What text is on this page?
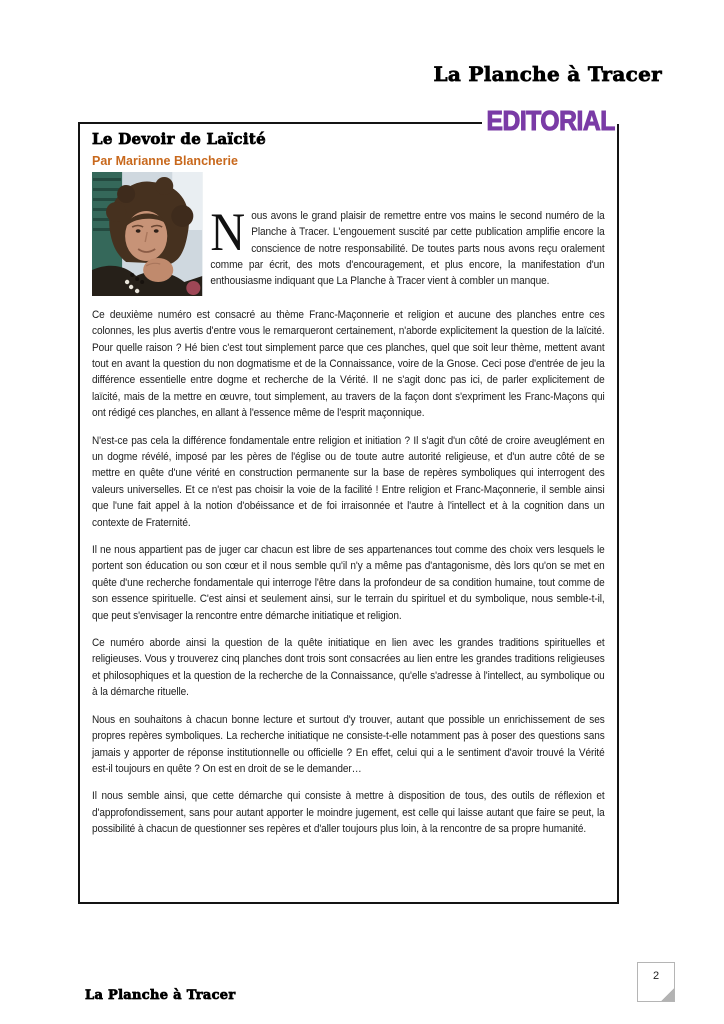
La Planche à Tracer
EDITORIAL
Le Devoir de Laïcité
Par Marianne Blancherie

Nous avons le grand plaisir de remettre entre vos mains le second numéro de la Planche à Tracer. L'engouement suscité par cette publication amplifie encore la conscience de notre responsabilité. De toutes parts nous avons reçu oralement comme par écrit, des mots d'encouragement, et plus encore, la manifestation d'un enthousiasme indiquant que La Planche à Tracer vient à combler un manque.

Ce deuxième numéro est consacré au thème Franc-Maçonnerie et religion et aucune des planches entre ces colonnes, les plus avertis d'entre vous le remarqueront certainement, n'aborde explicitement la question de la laïcité. Pour quelle raison ? Hé bien c'est tout simplement parce que ces planches, quel que soit leur thème, mettent avant tout en avant la question du non dogmatisme et de la Connaissance, voire de la Gnose. Ceci pose d'entrée de jeu la différence essentielle entre dogme et recherche de la Vérité. Il ne s'agit donc pas ici, de parler explicitement de laïcité, mais de la mettre en œuvre, tout simplement, au travers de la façon dont s'expriment les Franc-Maçons qui ont rédigé ces planches, en allant à l'essence même de l'esprit maçonnique.

N'est-ce pas cela la différence fondamentale entre religion et initiation ? Il s'agit d'un côté de croire aveuglément en un dogme révélé, imposé par les pères de l'église ou de toute autre autorité religieuse, et d'un autre côté de se mettre en quête d'une vérité en construction permanente sur la base de repères symboliques qui interrogent des valeurs universelles. Et ce n'est pas choisir la voie de la facilité ! Entre religion et Franc-Maçonnerie, il semble ainsi que l'une fait appel à la notion d'obéissance et de foi irraisonnée et l'autre à l'intellect et à la cognition dans un contexte de Fraternité.

Il ne nous appartient pas de juger car chacun est libre de ses appartenances tout comme des choix vers lesquels le portent son éducation ou son cœur et il nous semble qu'il n'y a même pas d'antagonisme, dès lors qu'on se met en quête d'une recherche fondamentale qui interroge l'être dans la profondeur de sa condition humaine, tout comme de son essence spirituelle. C'est ainsi et seulement ainsi, sur le terrain du spirituel et du symbolique, nous semble-t-il, que peut s'envisager la rencontre entre démarche initiatique et religion.

Ce numéro aborde ainsi la question de la quête initiatique en lien avec les grandes traditions spirituelles et religieuses. Vous y trouverez cinq planches dont trois sont consacrées au lien entre les grandes traditions religieuses et philosophiques et la question de la recherche de la Connaissance, qu'elle s'adresse à l'intellect, au symbolique ou à la démarche rituelle.

Nous en souhaitons à chacun bonne lecture et surtout d'y trouver, autant que possible un enrichissement de ses propres repères symboliques. La recherche initiatique ne consiste-t-elle notamment pas à poser des questions sans jamais y apporter de réponse institutionnelle ou officielle ? En effet, celui qui a le sentiment d'avoir trouvé la Vérité est-il toujours en quête ? On est en droit de se le demander…

Il nous semble ainsi, que cette démarche qui consiste à mettre à disposition de tous, des outils de réflexion et d'approfondissement, sans pour autant apporter le moindre jugement, est celle qui laisse autant que faire se peut, la possibilité à chacun de questionner ses repères et d'aller toujours plus loin, à la rencontre de sa propre humanité.

La Planche à Tracer
2
